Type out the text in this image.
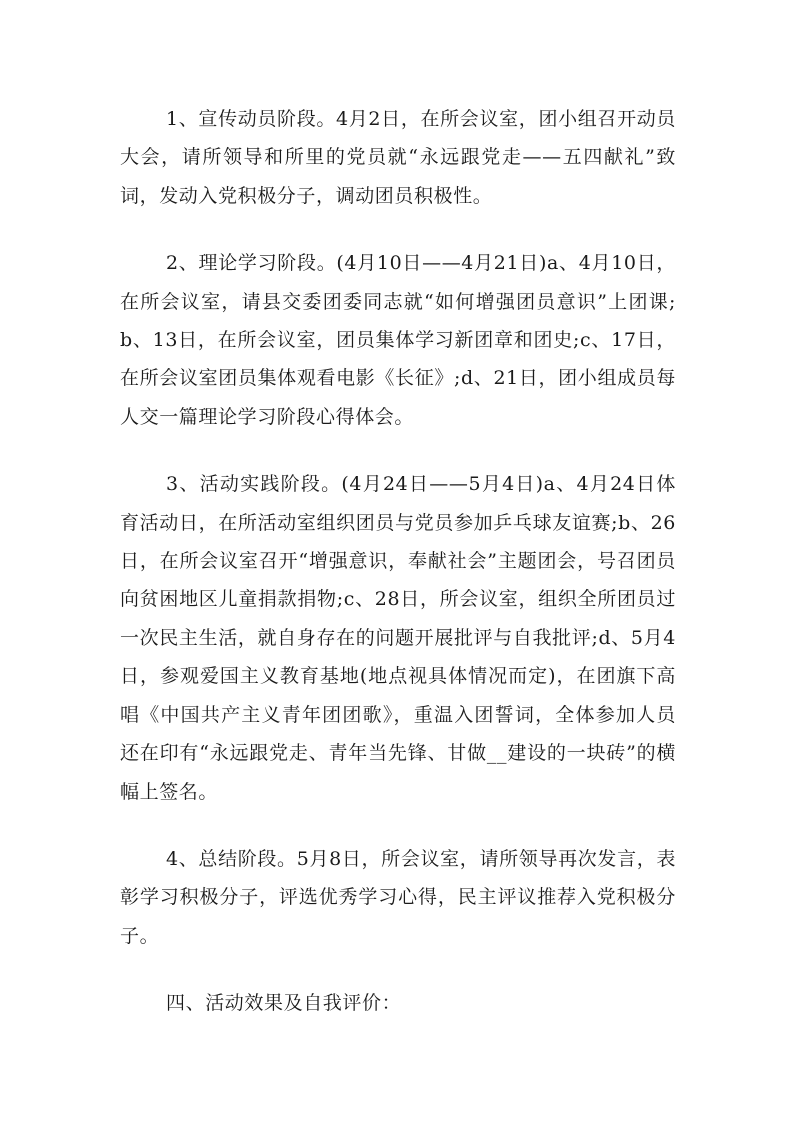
1、宣传动员阶段。4月2日，在所会议室，团小组召开动员大会，请所领导和所里的党员就“永远跟党走——五四献礼”致词，发动入党积极分子，调动团员积极性。

2、理论学习阶段。(4月10日——4月21日)a、4月10日，在所会议室，请县交委团委同志就“如何增强团员意识”上团课;b、13日，在所会议室，团员集体学习新团章和团史;c、17日，在所会议室团员集体观看电影《长征》;d、21日，团小组成员每人交一篇理论学习阶段心得体会。

3、活动实践阶段。(4月24日——5月4日)a、4月24日体育活动日，在所活动室组织团员与党员参加乒乓球友谊赛;b、26日，在所会议室召开“增强意识，奉献社会”主题团会，号召团员向贫困地区儿童捐款捐物;c、28日，所会议室，组织全所团员过一次民主生活，就自身存在的问题开展批评与自我批评;d、5月4日，参观爱国主义教育基地(地点视具体情况而定)，在团旗下高唱《中国共产主义青年团团歌》，重温入团誓词，全体参加人员还在印有“永远跟党走、青年当先锋、甘做__建设的一块砖”的横幅上签名。

4、总结阶段。5月8日，所会议室，请所领导再次发言，表彰学习积极分子，评选优秀学习心得，民主评议推荐入党积极分子。

四、活动效果及自我评价：
